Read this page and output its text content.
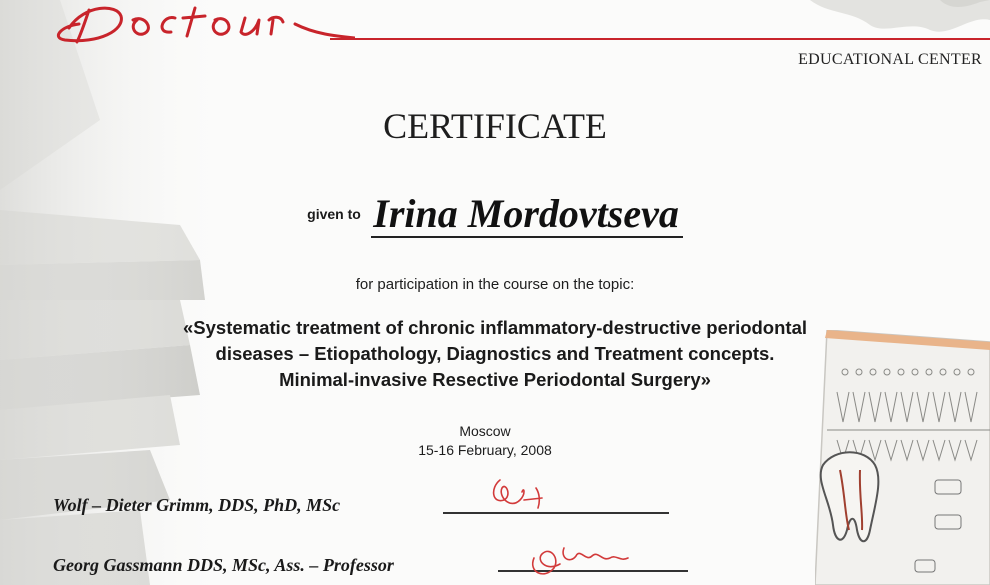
EDUCATIONAL CENTER
CERTIFICATE
given to Irina Mordovtseva
for participation in the course on the topic:
«Systematic treatment of chronic inflammatory-destructive periodontal
diseases – Etiopathology, Diagnostics and Treatment concepts.
Minimal-invasive Resective Periodontal Surgery»
Moscow
15-16 February, 2008
Wolf – Dieter Grimm, DDS, PhD, MSc
Georg Gassmann DDS, MSc, Ass. – Professor
